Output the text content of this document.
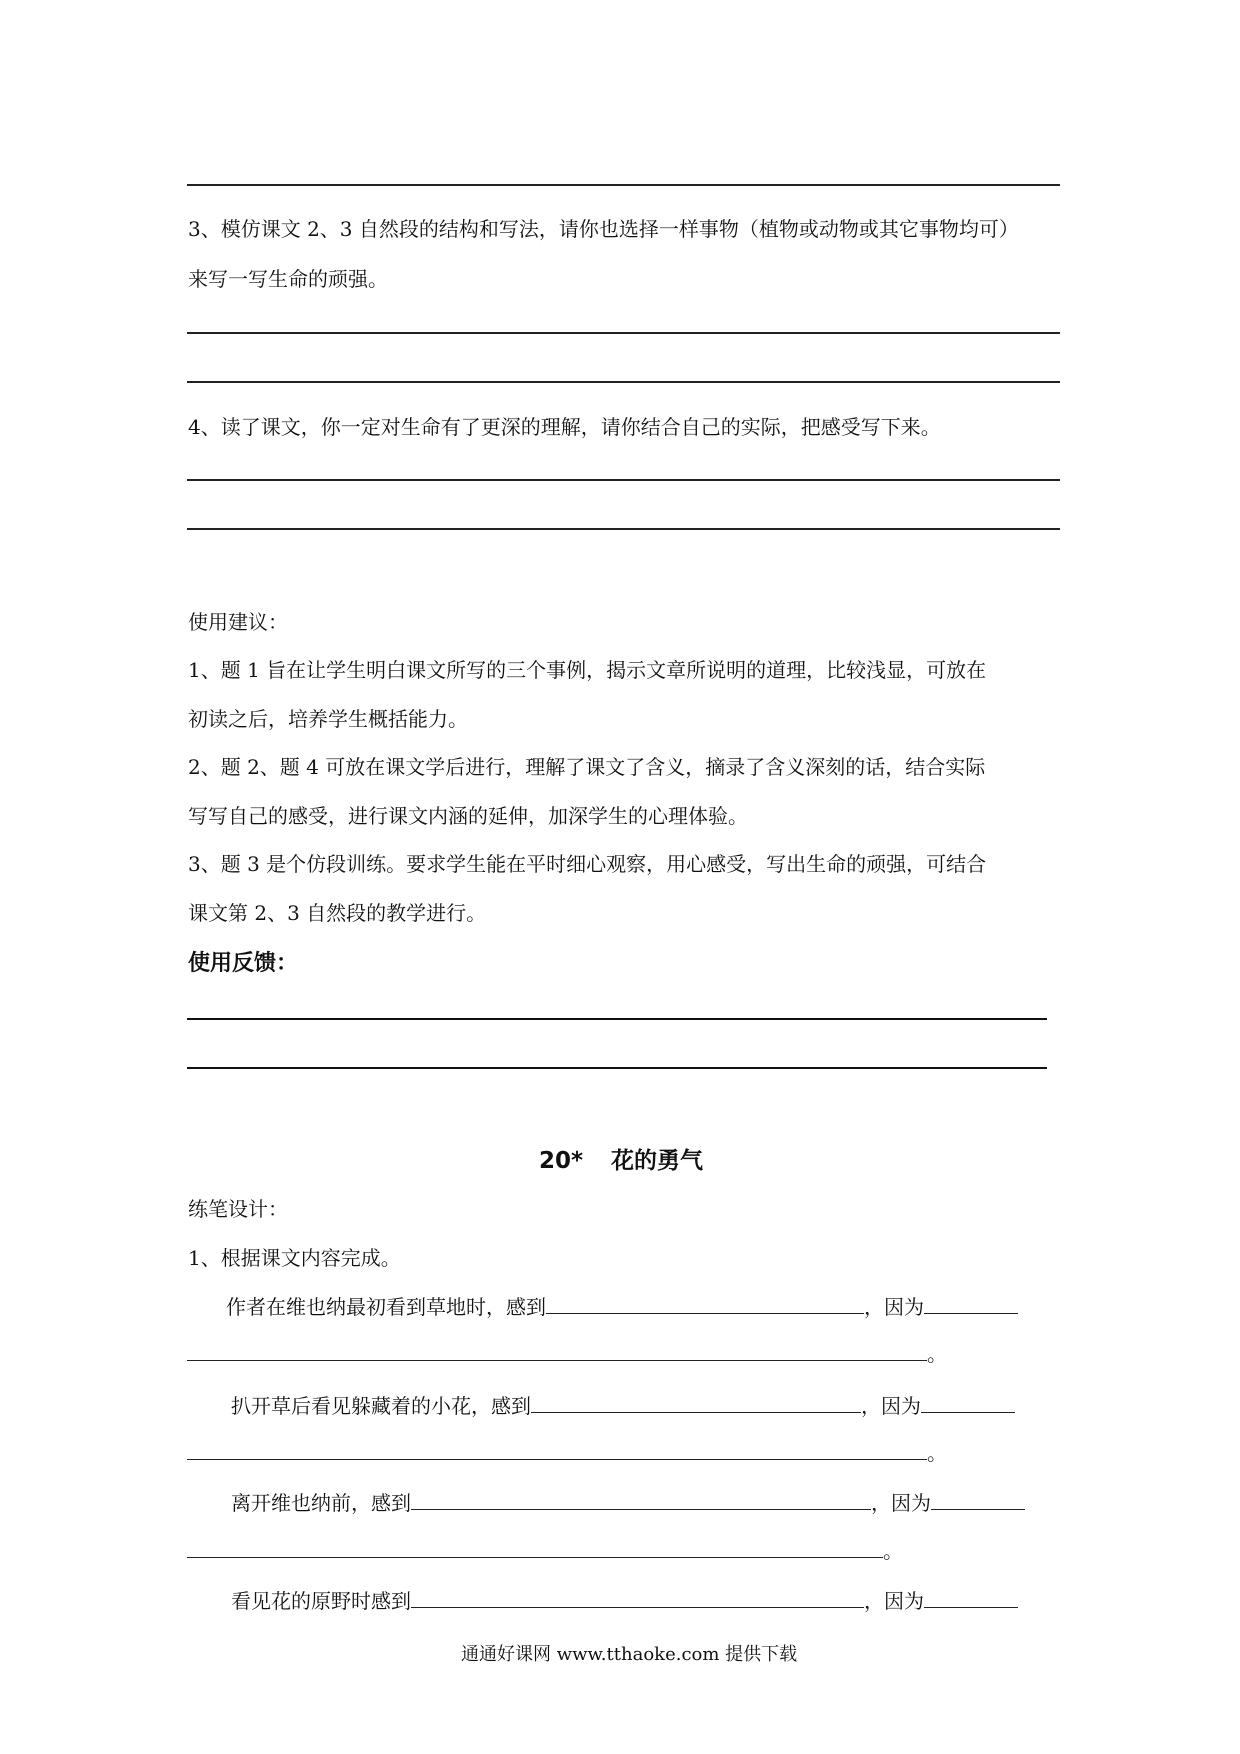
3、模仿课文 2、3 自然段的结构和写法，请你也选择一样事物（植物或动物或其它事物均可）
来写一写生命的顽强。
4、读了课文，你一定对生命有了更深的理解，请你结合自己的实际，把感受写下来。
使用建议：
1、题 1 旨在让学生明白课文所写的三个事例，揭示文章所说明的道理，比较浅显，可放在
初读之后，培养学生概括能力。
2、题 2、题 4 可放在课文学后进行，理解了课文了含义，摘录了含义深刻的话，结合实际
写写自己的感受，进行课文内涵的延伸，加深学生的心理体验。
3、题 3 是个仿段训练。要求学生能在平时细心观察，用心感受，写出生命的顽强，可结合
课文第 2、3 自然段的教学进行。
使用反馈：
20* 花的勇气
练笔设计：
1、根据课文内容完成。
作者在维也纳最初看到草地时，感到	，因为
。
扒开草后看见躲藏着的小花，感到	，因为
。
离开维也纳前，感到	，因为
。
看见花的原野时感到	，因为
通通好课网 www.tthaoke.com 提供下载
